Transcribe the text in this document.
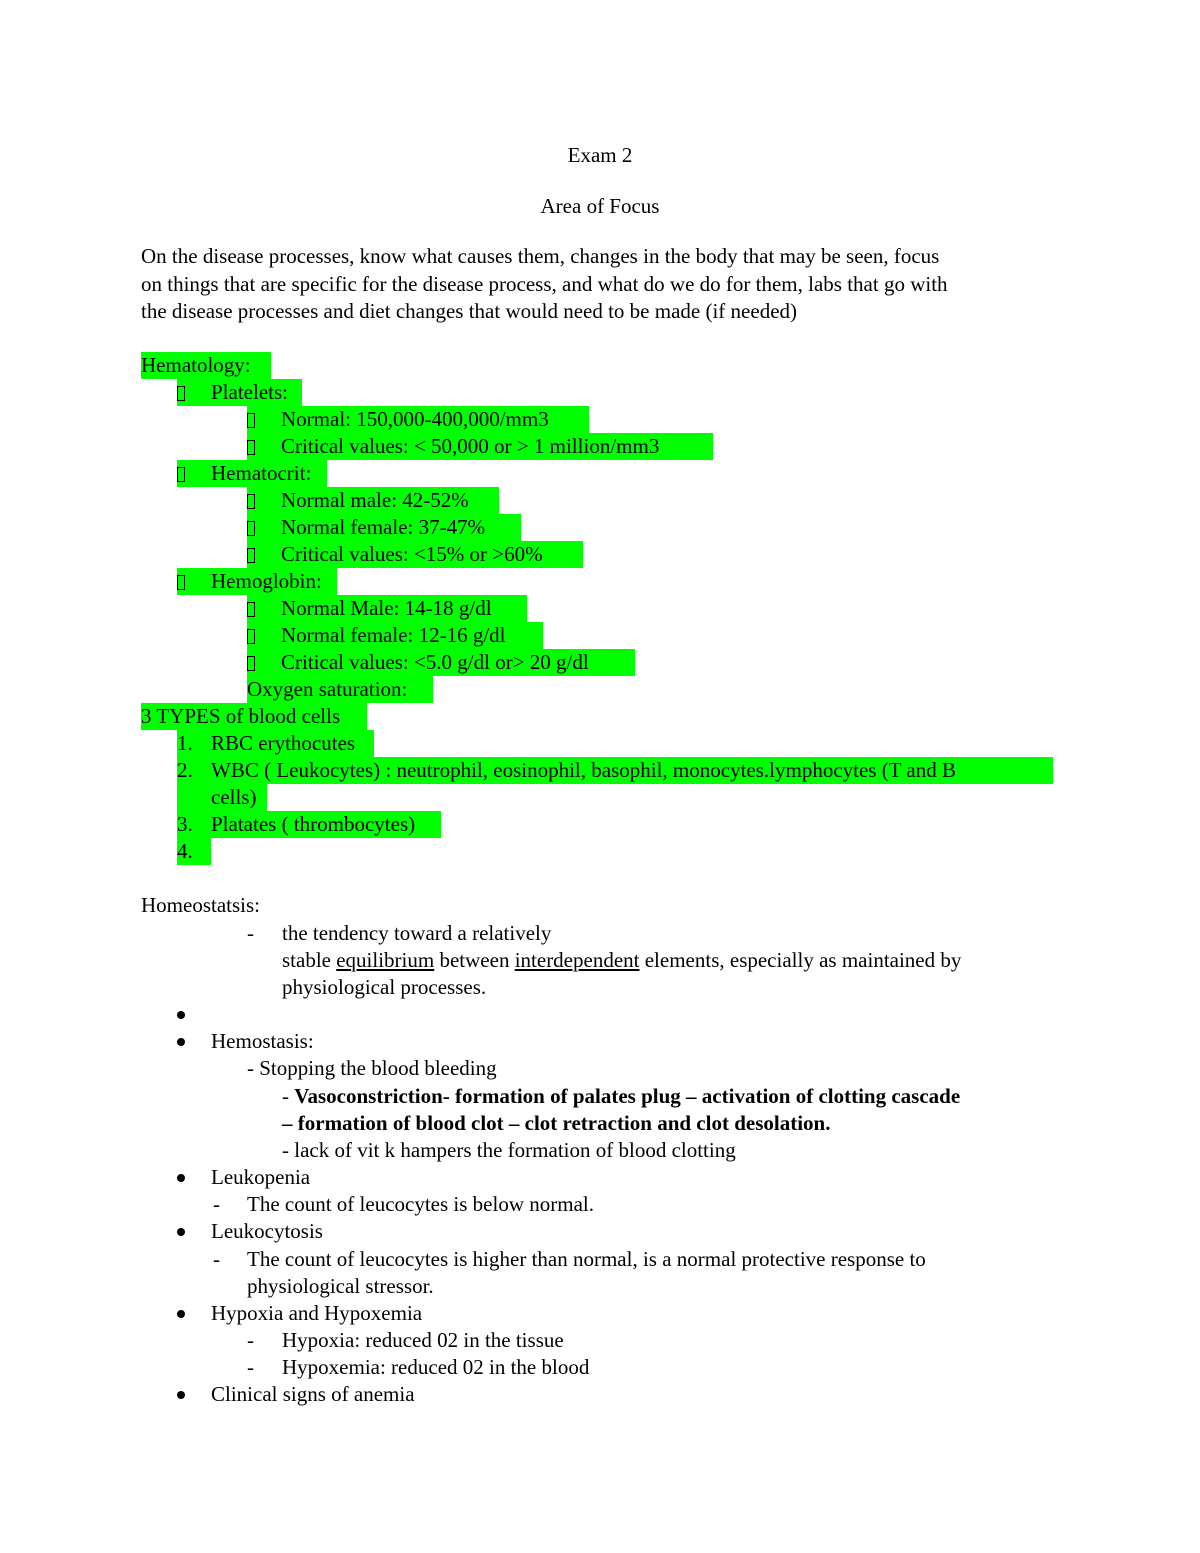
Exam 2
Area of Focus
On the disease processes, know what causes them, changes in the body that may be seen, focus
on things that are specific for the disease process, and what do we do for them, labs that go with
the disease processes and diet changes that would need to be made (if needed)
Hematology:
Platelets:
Normal: 150,000-400,000/mm3
Critical values: < 50,000 or > 1 million/mm3
Hematocrit:
Normal male: 42-52%
Normal female: 37-47%
Critical values: <15% or >60%
Hemoglobin:
Normal Male: 14-18 g/dl
Normal female: 12-16 g/dl
Critical values: <5.0 g/dl or> 20 g/dl
Oxygen saturation:
3 TYPES of blood cells
1. RBC erythocutes
2. WBC ( Leukocytes) : neutrophil, eosinophil, basophil, monocytes.lymphocytes (T and B
cells)
3. Platates ( thrombocytes)
4.
Homeostatsis:
- the tendency toward a relatively
stable equilibrium between interdependent elements, especially as maintained by
physiological processes.
Hemostasis:
- Stopping the blood bleeding
- Vasoconstriction- formation of palates plug – activation of clotting cascade
– formation of blood clot – clot retraction and clot desolation.
- lack of vit k hampers the formation of blood clotting
Leukopenia
- The count of leucocytes is below normal.
Leukocytosis
- The count of leucocytes is higher than normal, is a normal protective response to
physiological stressor.
Hypoxia and Hypoxemia
- Hypoxia: reduced 02 in the tissue
- Hypoxemia: reduced 02 in the blood
Clinical signs of anemia
